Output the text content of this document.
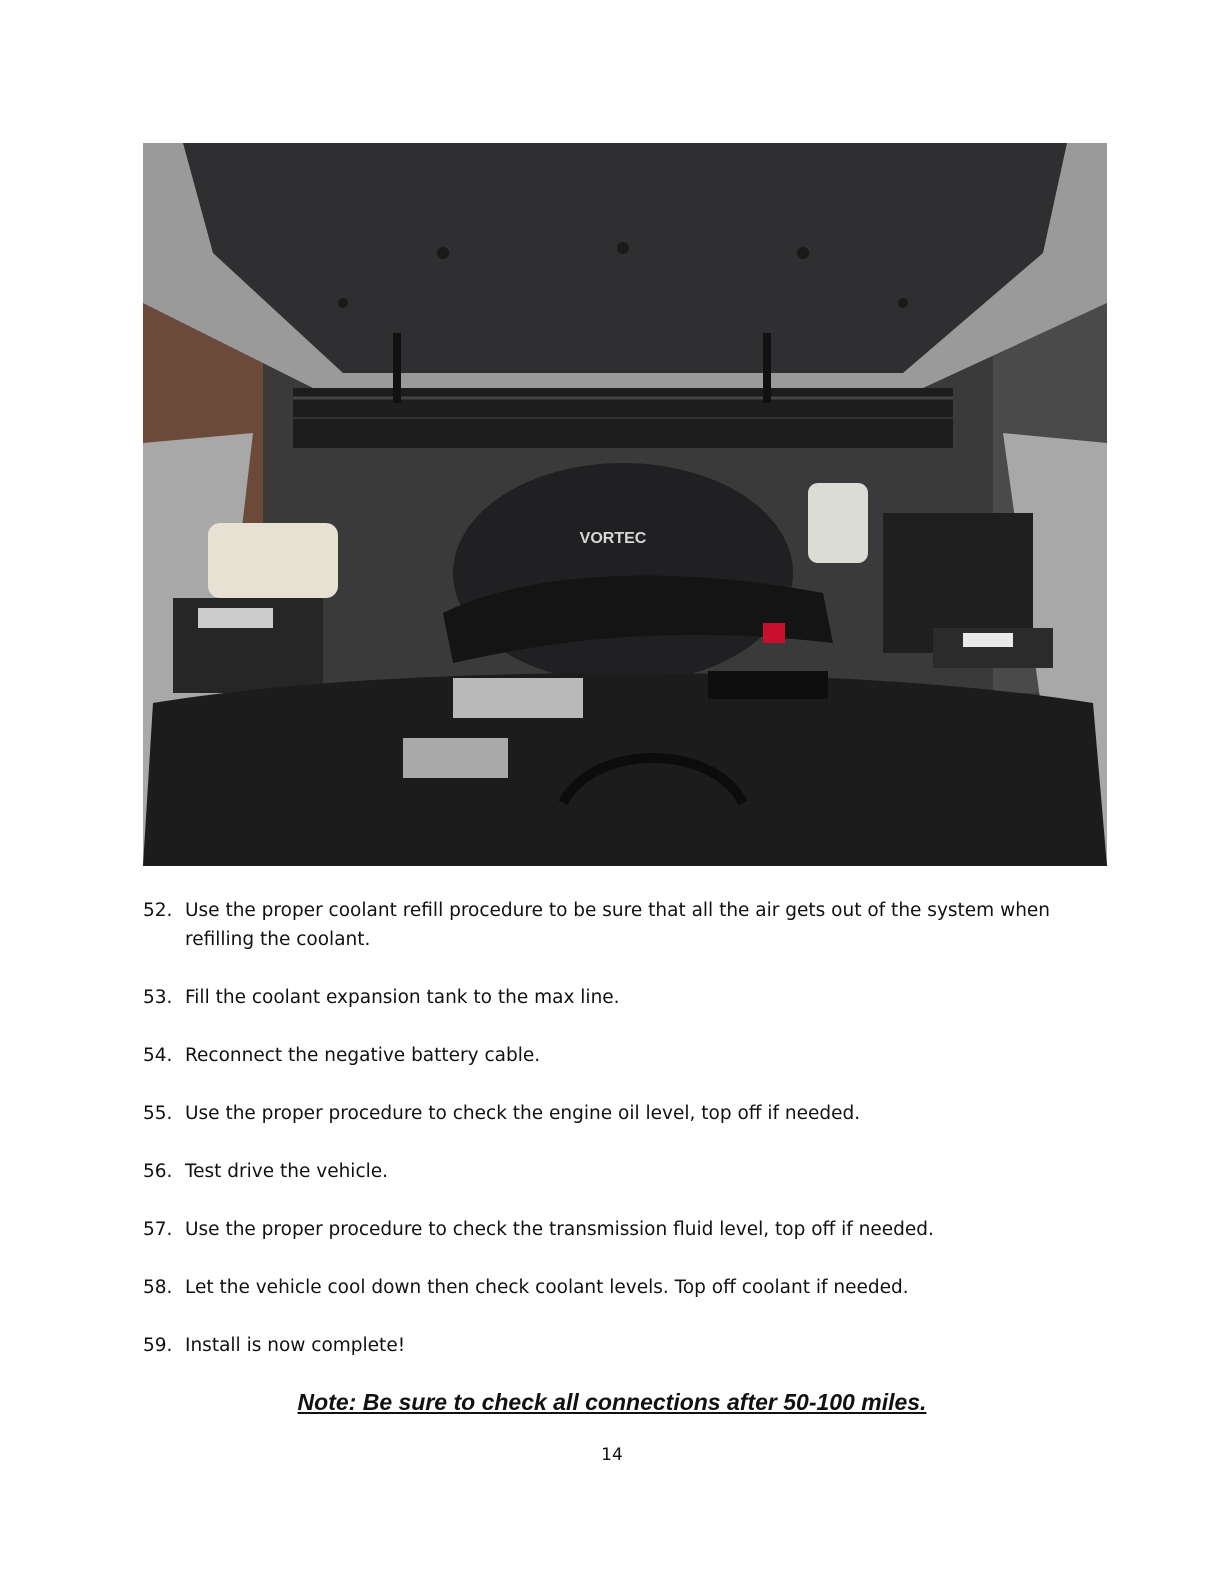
VORTEC
52. Use the proper coolant refill procedure to be sure that all the air gets out of the system when refilling the coolant.
53. Fill the coolant expansion tank to the max line.
54. Reconnect the negative battery cable.
55. Use the proper procedure to check the engine oil level, top off if needed.
56. Test drive the vehicle.
57. Use the proper procedure to check the transmission fluid level, top off if needed.
58. Let the vehicle cool down then check coolant levels. Top off coolant if needed.
59. Install is now complete!
Note: Be sure to check all connections after 50-100 miles.
14
